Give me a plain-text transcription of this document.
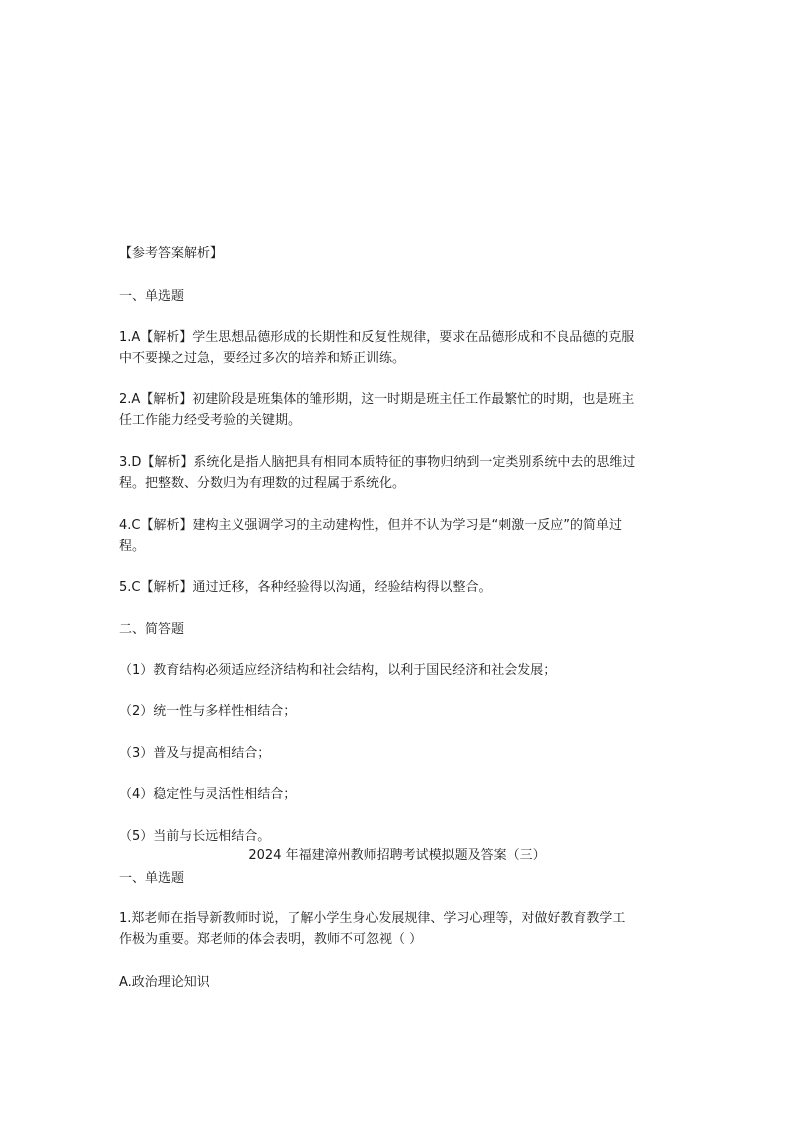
【参考答案解析】
一、单选题
1.A【解析】学生思想品德形成的长期性和反复性规律，要求在品德形成和不良品德的克服
中不要操之过急，要经过多次的培养和矫正训练。
2.A【解析】初建阶段是班集体的雏形期，这一时期是班主任工作最繁忙的时期，也是班主
任工作能力经受考验的关键期。
3.D【解析】系统化是指人脑把具有相同本质特征的事物归纳到一定类别系统中去的思维过
程。把整数、分数归为有理数的过程属于系统化。
4.C【解析】建构主义强调学习的主动建构性，但并不认为学习是“刺激一反应”的简单过
程。
5.C【解析】通过迁移，各种经验得以沟通，经验结构得以整合。
二、简答题
（1）教育结构必须适应经济结构和社会结构，以利于国民经济和社会发展；
（2）统一性与多样性相结合；
（3）普及与提高相结合；
（4）稳定性与灵活性相结合；
（5）当前与长远相结合。
2024 年福建漳州教师招聘考试模拟题及答案（三）
一、单选题
1.郑老师在指导新教师时说，了解小学生身心发展规律、学习心理等，对做好教育教学工
作极为重要。郑老师的体会表明，教师不可忽视（ ）
A.政治理论知识
